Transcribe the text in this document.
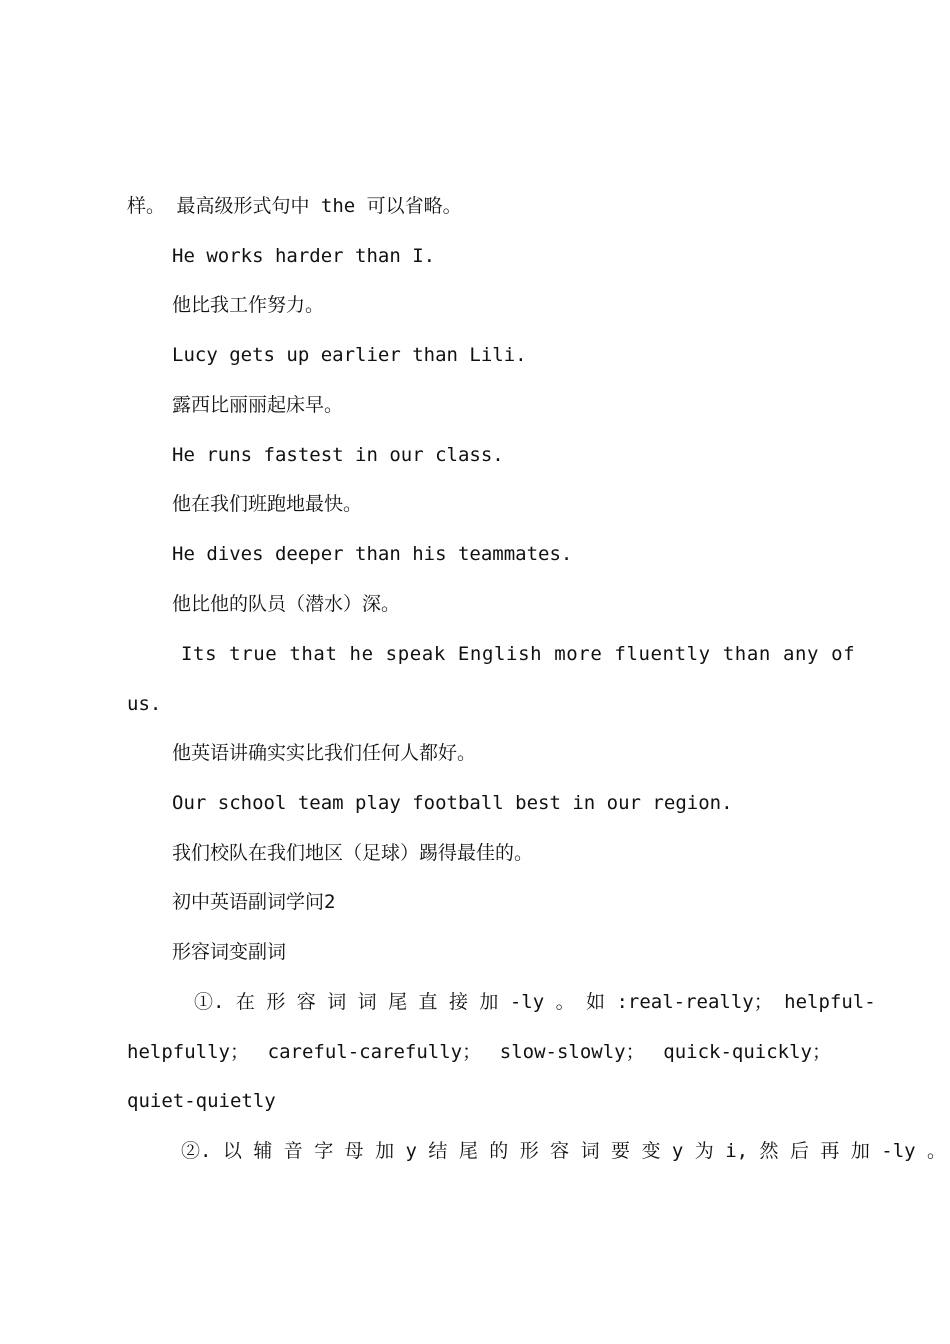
样。 最高级形式句中 the 可以省略。
He works harder than I.
他比我工作努力。
Lucy gets up earlier than Lili.
露西比丽丽起床早。
He runs fastest in our class.
他在我们班跑地最快。
He dives deeper than his teammates.
他比他的队员（潜水）深。
Its true that he speak English more fluently than any of
us.
他英语讲确实实比我们任何人都好。
Our school team play football best in our region.
我们校队在我们地区（足球）踢得最佳的。
初中英语副词学问2
形容词变副词
①. 在 形 容 词 词 尾 直 接 加 -ly 。 如 :real-really； helpful-
helpfully； careful-carefully； slow-slowly； quick-quickly；
quiet-quietly
②. 以 辅 音 字 母 加 y 结 尾 的 形 容 词 要 变 y 为 i, 然 后 再 加 -ly 。
